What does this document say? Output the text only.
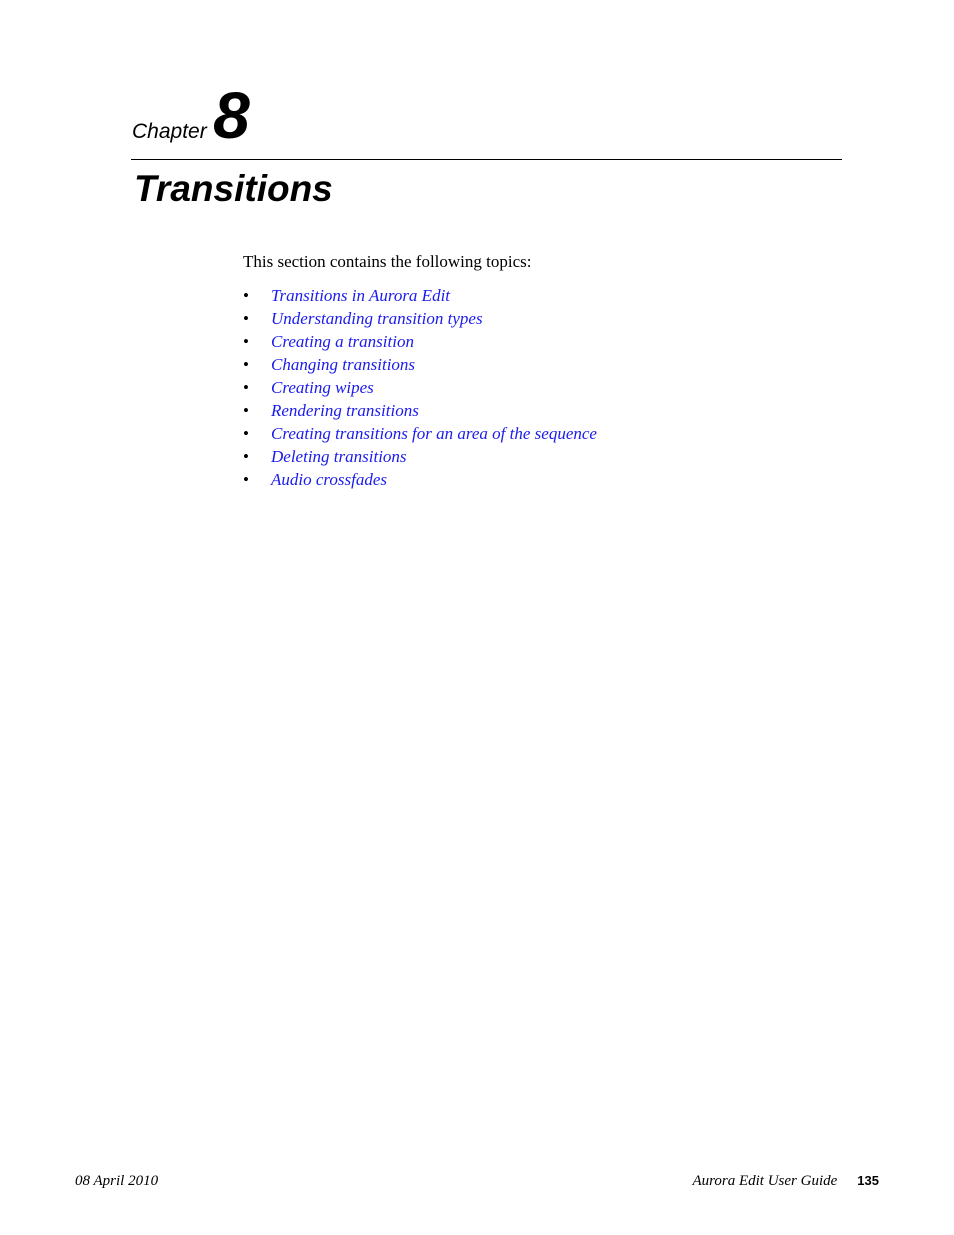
Chapter 8
Transitions

This section contains the following topics:

• Transitions in Aurora Edit
• Understanding transition types
• Creating a transition
• Changing transitions
• Creating wipes
• Rendering transitions
• Creating transitions for an area of the sequence
• Deleting transitions
• Audio crossfades
08 April 2010	Aurora Edit User Guide 135
